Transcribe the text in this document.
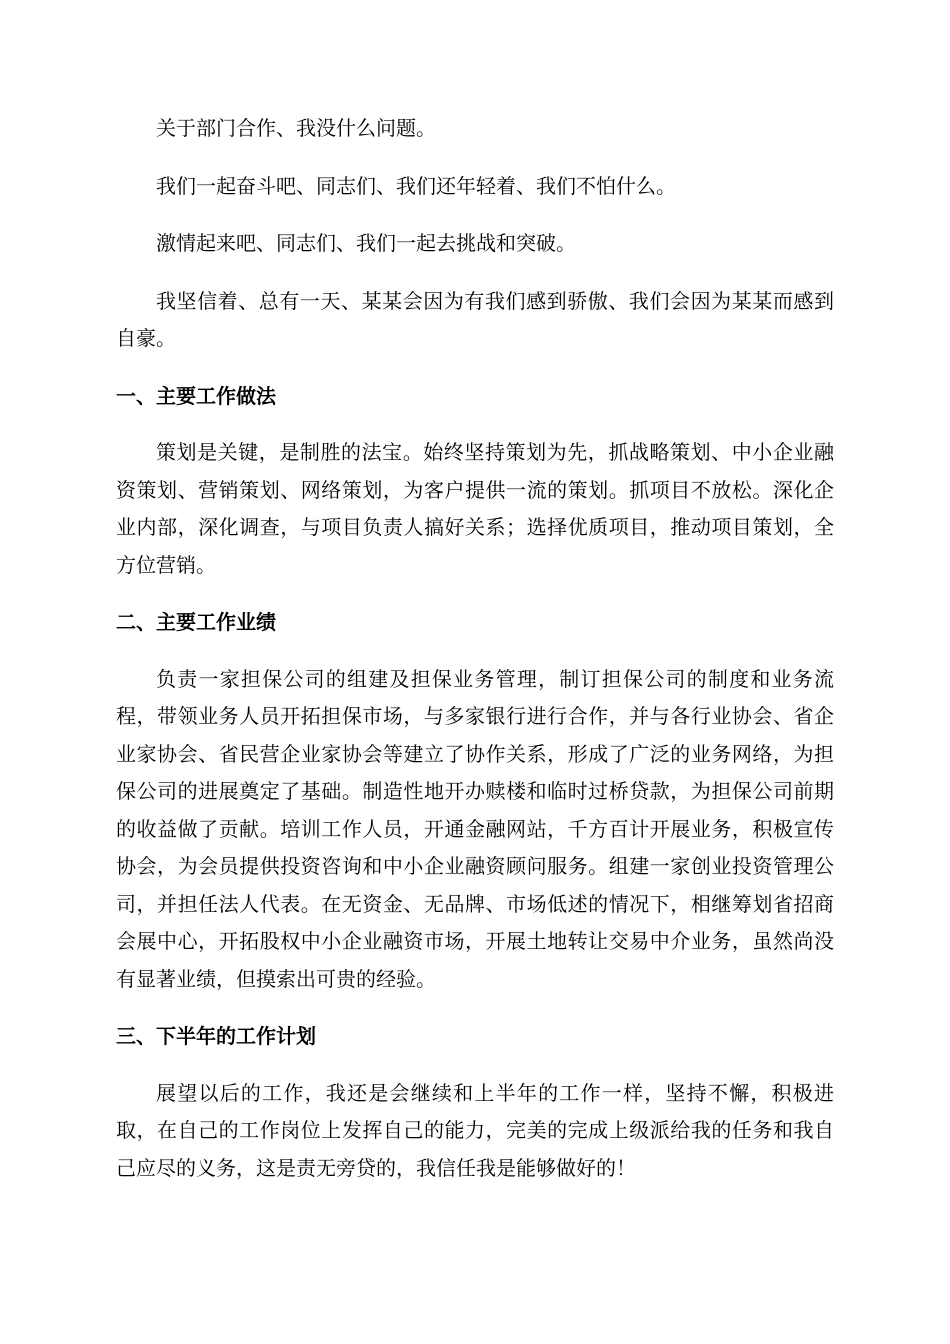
关于部门合作、我没什么问题。

我们一起奋斗吧、同志们、我们还年轻着、我们不怕什么。

激情起来吧、同志们、我们一起去挑战和突破。

我坚信着、总有一天、某某会因为有我们感到骄傲、我们会因为某某而感到自豪。

一、主要工作做法

策划是关键，是制胜的法宝。始终坚持策划为先，抓战略策划、中小企业融资策划、营销策划、网络策划，为客户提供一流的策划。抓项目不放松。深化企业内部，深化调查，与项目负责人搞好关系；选择优质项目，推动项目策划，全方位营销。

二、主要工作业绩

负责一家担保公司的组建及担保业务管理，制订担保公司的制度和业务流程，带领业务人员开拓担保市场，与多家银行进行合作，并与各行业协会、省企业家协会、省民营企业家协会等建立了协作关系，形成了广泛的业务网络，为担保公司的进展奠定了基础。制造性地开办赎楼和临时过桥贷款，为担保公司前期的收益做了贡献。培训工作人员，开通金融网站，千方百计开展业务，积极宣传协会，为会员提供投资咨询和中小企业融资顾问服务。组建一家创业投资管理公司，并担任法人代表。在无资金、无品牌、市场低述的情况下，相继筹划省招商会展中心，开拓股权中小企业融资市场，开展土地转让交易中介业务，虽然尚没有显著业绩，但摸索出可贵的经验。

三、下半年的工作计划

展望以后的工作，我还是会继续和上半年的工作一样，坚持不懈，积极进取，在自己的工作岗位上发挥自己的能力，完美的完成上级派给我的任务和我自己应尽的义务，这是责无旁贷的，我信任我是能够做好的！
